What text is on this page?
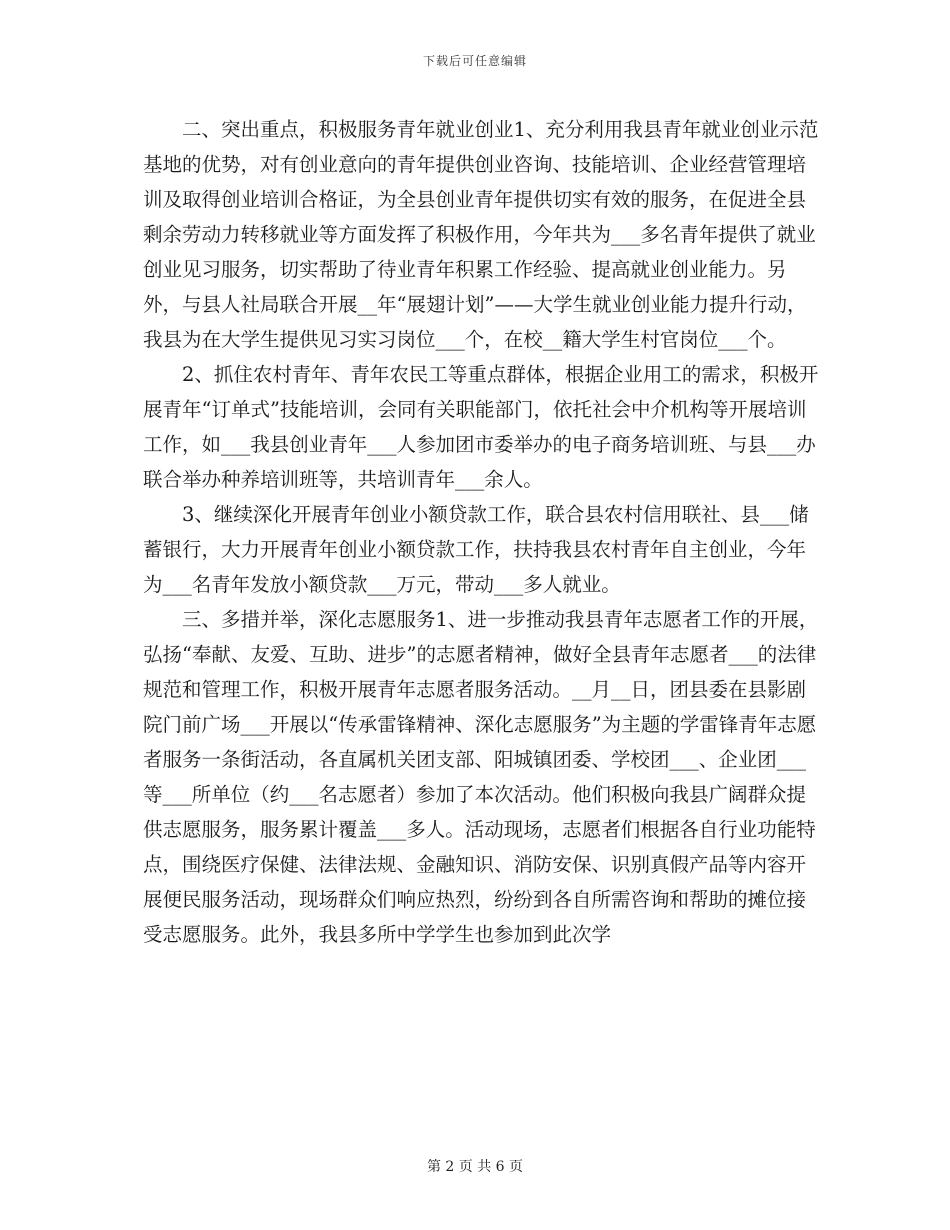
下载后可任意编辑

二、突出重点，积极服务青年就业创业1、充分利用我县青年就业创业示范基地的优势，对有创业意向的青年提供创业咨询、技能培训、企业经营管理培训及取得创业培训合格证，为全县创业青年提供切实有效的服务，在促进全县剩余劳动力转移就业等方面发挥了积极作用，今年共为___多名青年提供了就业创业见习服务，切实帮助了待业青年积累工作经验、提高就业创业能力。另外，与县人社局联合开展__年“展翅计划”——大学生就业创业能力提升行动，我县为在大学生提供见习实习岗位___个，在校__籍大学生村官岗位___个。

2、抓住农村青年、青年农民工等重点群体，根据企业用工的需求，积极开展青年“订单式”技能培训，会同有关职能部门，依托社会中介机构等开展培训工作，如___我县创业青年___人参加团市委举办的电子商务培训班、与县___办联合举办种养培训班等，共培训青年___余人。

3、继续深化开展青年创业小额贷款工作，联合县农村信用联社、县___储蓄银行，大力开展青年创业小额贷款工作，扶持我县农村青年自主创业，今年为___名青年发放小额贷款___万元，带动___多人就业。

三、多措并举，深化志愿服务1、进一步推动我县青年志愿者工作的开展，弘扬“奉献、友爱、互助、进步”的志愿者精神，做好全县青年志愿者___的法律规范和管理工作，积极开展青年志愿者服务活动。__月__日，团县委在县影剧院门前广场___开展以“传承雷锋精神、深化志愿服务”为主题的学雷锋青年志愿者服务一条街活动，各直属机关团支部、阳城镇团委、学校团___、企业团___等___所单位（约___名志愿者）参加了本次活动。他们积极向我县广阔群众提供志愿服务，服务累计覆盖___多人。活动现场，志愿者们根据各自行业功能特点，围绕医疗保健、法律法规、金融知识、消防安保、识别真假产品等内容开展便民服务活动，现场群众们响应热烈，纷纷到各自所需咨询和帮助的摊位接受志愿服务。此外，我县多所中学学生也参加到此次学

第 2 页 共 6 页
